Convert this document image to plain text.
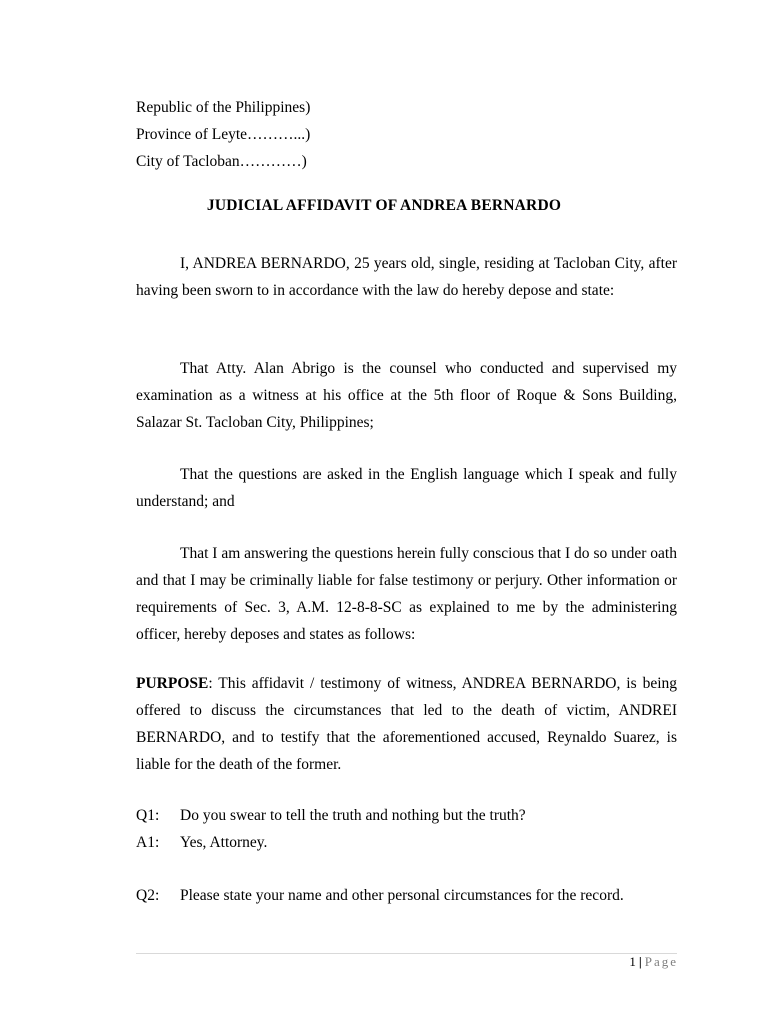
Republic of the Philippines)
Province of Leyte………...)
City of Tacloban…………)
JUDICIAL AFFIDAVIT OF ANDREA BERNARDO

I, ANDREA BERNARDO, 25 years old, single, residing at Tacloban City, after having been sworn to in accordance with the law do hereby depose and state:

That Atty. Alan Abrigo is the counsel who conducted and supervised my examination as a witness at his office at the 5th floor of Roque & Sons Building, Salazar St. Tacloban City, Philippines;

That the questions are asked in the English language which I speak and fully understand; and

That I am answering the questions herein fully conscious that I do so under oath and that I may be criminally liable for false testimony or perjury. Other information or requirements of Sec. 3, A.M. 12-8-8-SC as explained to me by the administering officer, hereby deposes and states as follows:

PURPOSE: This affidavit / testimony of witness, ANDREA BERNARDO, is being offered to discuss the circumstances that led to the death of victim, ANDREI BERNARDO, and to testify that the aforementioned accused, Reynaldo Suarez, is liable for the death of the former.

Q1: Do you swear to tell the truth and nothing but the truth?
A1: Yes, Attorney.
Q2: Please state your name and other personal circumstances for the record.
1 | Page
